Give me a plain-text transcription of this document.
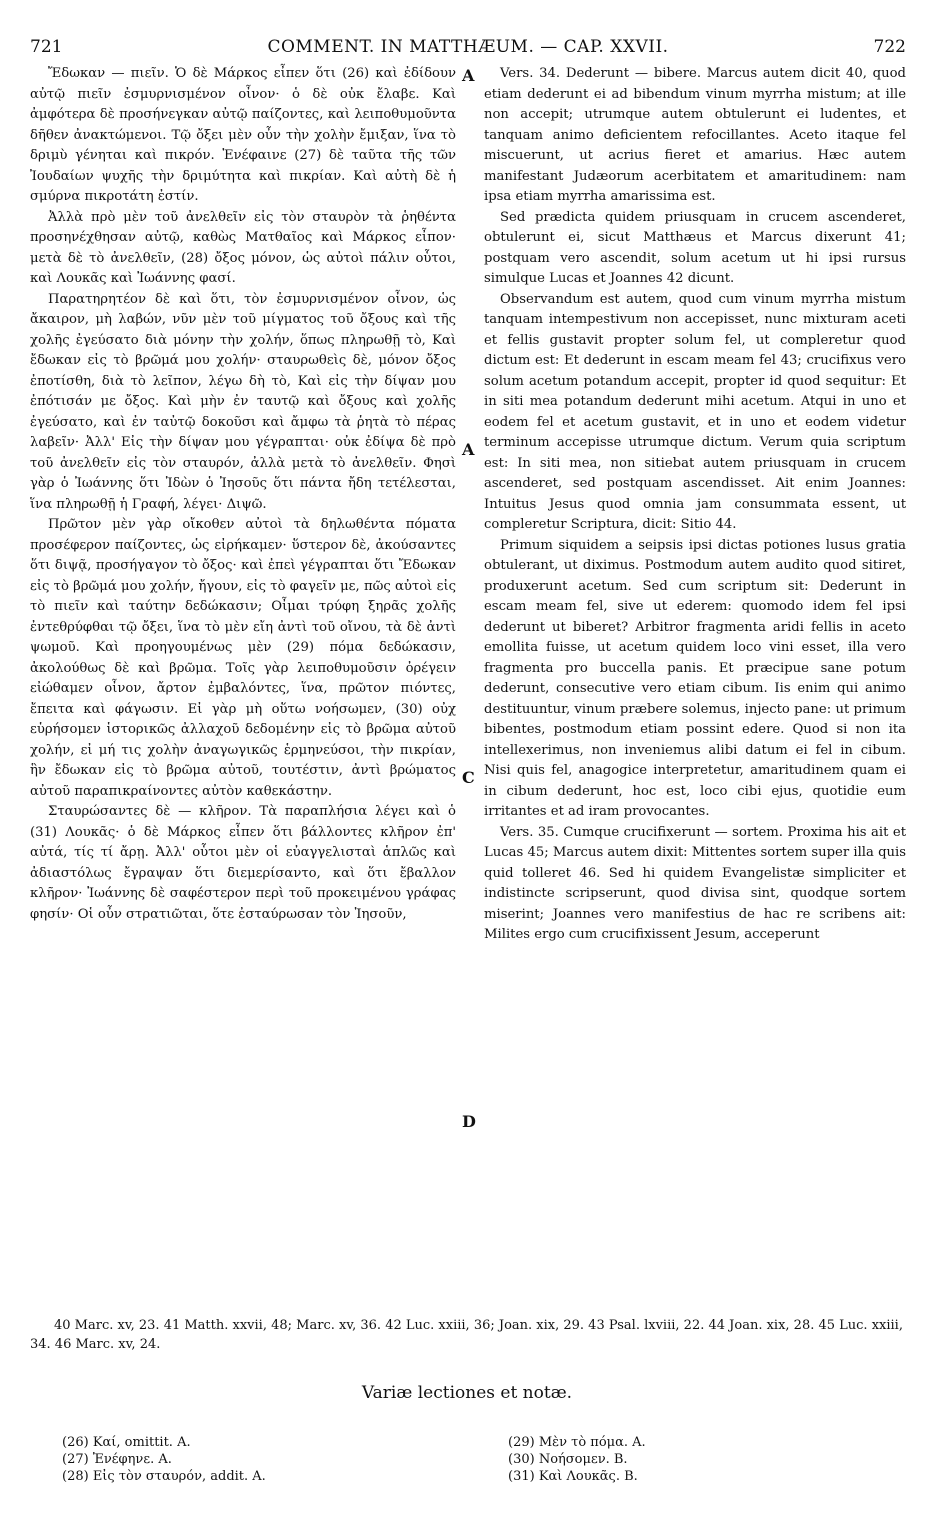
721	COMMENT. IN MATTHÆUM. — CAP. XXVII.	722

Ἔδωκαν — πιεῖν. Ὁ δὲ Μάρκος εἶπεν ὅτι (26) καὶ ἐδίδουν αὐτῷ πιεῖν ἐσμυρνισμένον οἶνον· ὁ δὲ οὐκ ἔλαβε. Καὶ ἀμφότερα δὲ προσήνεγκαν αὐτῷ παίζοντες, καὶ λειποθυμοῦντα δῆθεν ἀνακτώμενοι. Τῷ ὄξει μὲν οὖν τὴν χολὴν ἔμιξαν, ἵνα τὸ δριμὺ γένηται καὶ πικρόν. Ἐνέφαινε (27) δὲ ταῦτα τῆς τῶν Ἰουδαίων ψυχῆς τὴν δριμύτητα καὶ πικρίαν. Καὶ αὐτὴ δὲ ἡ σμύρνα πικροτάτη ἐστίν.

Ἀλλὰ πρὸ μὲν τοῦ ἀνελθεῖν εἰς τὸν σταυρὸν τὰ ῥηθέντα προσηνέχθησαν αὐτῷ, καθὼς Ματθαῖος καὶ Μάρκος εἶπον· μετὰ δὲ τὸ ἀνελθεῖν, (28) ὄξος μόνον, ὡς αὐτοὶ πάλιν οὗτοι, καὶ Λουκᾶς καὶ Ἰωάννης φασί.

Παρατηρητέον δὲ καὶ ὅτι, τὸν ἐσμυρνισμένον οἶνον, ὡς ἄκαιρον, μὴ λαβών, νῦν μὲν τοῦ μίγματος τοῦ ὄξους καὶ τῆς χολῆς ἐγεύσατο διὰ μόνην τὴν χολήν, ὅπως πληρωθῇ τὸ, Καὶ ἔδωκαν εἰς τὸ βρῶμά μου χολήν· σταυρωθεὶς δὲ, μόνον ὄξος ἐποτίσθη, διὰ τὸ λεῖπον, λέγω δὴ τὸ, Καὶ εἰς τὴν δίψαν μου ἐπότισάν με ὄξος. Καὶ μὴν ἐν ταυτῷ καὶ ὄξους καὶ χολῆς ἐγεύσατο, καὶ ἐν ταὐτῷ δοκοῦσι καὶ ἄμφω τὰ ῥητὰ τὸ πέρας λαβεῖν· Ἀλλ' Εἰς τὴν δίψαν μου γέγραπται· οὐκ ἐδίψα δὲ πρὸ τοῦ ἀνελθεῖν εἰς τὸν σταυρόν, ἀλλὰ μετὰ τὸ ἀνελθεῖν. Φησὶ γὰρ ὁ Ἰωάννης ὅτι Ἰδὼν ὁ Ἰησοῦς ὅτι πάντα ἤδη τετέλεσται, ἵνα πληρωθῇ ἡ Γραφή, λέγει· Διψῶ.

Πρῶτον μὲν γὰρ οἴκοθεν αὐτοὶ τὰ δηλωθέντα πόματα προσέφερον παίζοντες, ὡς εἰρήκαμεν· ὕστερον δὲ, ἀκούσαντες ὅτι διψᾷ, προσήγαγον τὸ ὄξος· καὶ ἐπεὶ γέγραπται ὅτι Ἔδωκαν εἰς τὸ βρῶμά μου χολήν, ἤγουν, εἰς τὸ φαγεῖν με, πῶς αὐτοὶ εἰς τὸ πιεῖν καὶ ταύτην δεδώκασιν; Οἶμαι τρύφη ξηρᾶς χολῆς ἐντεθρύφθαι τῷ ὄξει, ἵνα τὸ μὲν εἴη ἀντὶ τοῦ οἴνου, τὰ δὲ ἀντὶ ψωμοῦ. Καὶ προηγουμένως μὲν (29) πόμα δεδώκασιν, ἀκολούθως δὲ καὶ βρῶμα. Τοῖς γὰρ λειποθυμοῦσιν ὀρέγειν εἰώθαμεν οἶνον, ἄρτον ἐμβαλόντες, ἵνα, πρῶτον πιόντες, ἔπειτα καὶ φάγωσιν. Εἰ γὰρ μὴ οὕτω νοήσωμεν, (30) οὐχ εὑρήσομεν ἱστορικῶς ἀλλαχοῦ δεδομένην εἰς τὸ βρῶμα αὐτοῦ χολήν, εἰ μή τις χολὴν ἀναγωγικῶς ἑρμηνεύσοι, τὴν πικρίαν, ἣν ἔδωκαν εἰς τὸ βρῶμα αὐτοῦ, τουτέστιν, ἀντὶ βρώματος αὐτοῦ παραπικραίνοντες αὐτὸν καθεκάστην.

Σταυρώσαντες δὲ — κλῆρον. Τὰ παραπλήσια λέγει καὶ ὁ (31) Λουκᾶς· ὁ δὲ Μάρκος εἶπεν ὅτι βάλλοντες κλῆρον ἐπ' αὐτά, τίς τί ἄρῃ. Ἀλλ' οὗτοι μὲν οἱ εὐαγγελισταὶ ἁπλῶς καὶ ἀδιαστόλως ἔγραψαν ὅτι διεμερίσαντο, καὶ ὅτι ἔβαλλον κλῆρον· Ἰωάννης δὲ σαφέστερον περὶ τοῦ προκειμένου γράφας φησίν· Οἱ οὖν στρατιῶται, ὅτε ἐσταύρωσαν τὸν Ἰησοῦν,

A
A
C
D

Vers. 34. Dederunt — bibere. Marcus autem dicit 40, quod etiam dederunt ei ad bibendum vinum myrrha mistum; at ille non accepit; utrumque autem obtulerunt ei ludentes, et tanquam animo deficientem refocillantes. Aceto itaque fel miscuerunt, ut acrius fieret et amarius. Hæc autem manifestant Judæorum acerbitatem et amaritudinem: nam ipsa etiam myrrha amarissima est.

Sed prædicta quidem priusquam in crucem ascenderet, obtulerunt ei, sicut Matthæus et Marcus dixerunt 41; postquam vero ascendit, solum acetum ut hi ipsi rursus simulque Lucas et Joannes 42 dicunt.

Observandum est autem, quod cum vinum myrrha mistum tanquam intempestivum non accepisset, nunc mixturam aceti et fellis gustavit propter solum fel, ut compleretur quod dictum est: Et dederunt in escam meam fel 43; crucifixus vero solum acetum potandum accepit, propter id quod sequitur: Et in siti mea potandum dederunt mihi acetum. Atqui in uno et eodem fel et acetum gustavit, et in uno et eodem videtur terminum accepisse utrumque dictum. Verum quia scriptum est: In siti mea, non sitiebat autem priusquam in crucem ascenderet, sed postquam ascendisset. Ait enim Joannes: Intuitus Jesus quod omnia jam consummata essent, ut compleretur Scriptura, dicit: Sitio 44.

Primum siquidem a seipsis ipsi dictas potiones lusus gratia obtulerant, ut diximus. Postmodum autem audito quod sitiret, produxerunt acetum. Sed cum scriptum sit: Dederunt in escam meam fel, sive ut ederem: quomodo idem fel ipsi dederunt ut biberet? Arbitror fragmenta aridi fellis in aceto emollita fuisse, ut acetum quidem loco vini esset, illa vero fragmenta pro buccella panis. Et præcipue sane potum dederunt, consecutive vero etiam cibum. Iis enim qui animo destituuntur, vinum præbere solemus, injecto pane: ut primum bibentes, postmodum etiam possint edere. Quod si non ita intellexerimus, non inveniemus alibi datum ei fel in cibum. Nisi quis fel, anagogice interpretetur, amaritudinem quam ei in cibum dederunt, hoc est, loco cibi ejus, quotidie eum irritantes et ad iram provocantes.

Vers. 35. Cumque crucifixerunt — sortem. Proxima his ait et Lucas 45; Marcus autem dixit: Mittentes sortem super illa quis quid tolleret 46. Sed hi quidem Evangelistæ simpliciter et indistincte scripserunt, quod divisa sint, quodque sortem miserint; Joannes vero manifestius de hac re scribens ait: Milites ergo cum crucifixissent Jesum, acceperunt

40 Marc. xv, 23. 41 Matth. xxvii, 48; Marc. xv, 36. 42 Luc. xxiii, 36; Joan. xix, 29. 43 Psal. lxviii, 22. 44 Joan. xix, 28. 45 Luc. xxiii, 34. 46 Marc. xv, 24.

Variæ lectiones et notæ.
(26) Καί, omittit. A.
(27) Ἐνέφηνε. A.
(28) Εἰς τὸν σταυρόν, addit. A.
(29) Μὲν τὸ πόμα. A.
(30) Νοήσομεν. B.
(31) Καὶ Λουκᾶς. B.
